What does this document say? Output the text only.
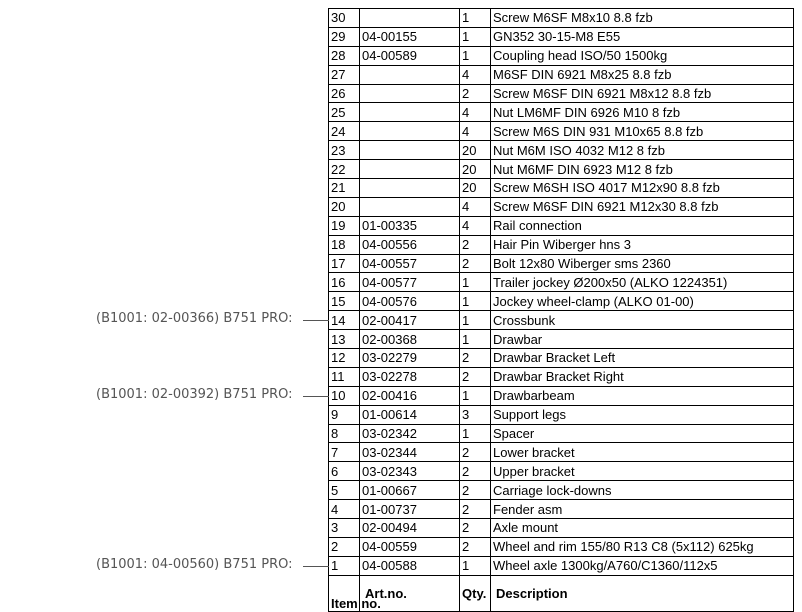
30		1	Screw M6SF M8x10 8.8 fzb
29	04-00155	1	GN352 30-15-M8 E55
28	04-00589	1	Coupling head ISO/50 1500kg
27		4	M6SF DIN 6921 M8x25 8.8 fzb
26		2	Screw M6SF DIN 6921 M8x12 8.8 fzb
25		4	Nut LM6MF DIN 6926 M10 8 fzb
24		4	Screw M6S DIN 931 M10x65 8.8 fzb
23		20	Nut M6M ISO 4032 M12 8 fzb
22		20	Nut M6MF DIN 6923 M12 8 fzb
21		20	Screw M6SH ISO 4017 M12x90 8.8 fzb
20		4	Screw M6SF DIN 6921 M12x30 8.8 fzb
19	01-00335	4	Rail connection
18	04-00556	2	Hair Pin Wiberger hns 3
17	04-00557	2	Bolt 12x80 Wiberger sms 2360
16	04-00577	1	Trailer jockey Ø200x50 (ALKO 1224351)
15	04-00576	1	Jockey wheel-clamp (ALKO 01-00)
14	02-00417	1	Crossbunk
13	02-00368	1	Drawbar
12	03-02279	2	Drawbar Bracket Left
11	03-02278	2	Drawbar Bracket Right
10	02-00416	1	Drawbarbeam
9	01-00614	3	Support legs
8	03-02342	1	Spacer
7	03-02344	2	Lower bracket
6	03-02343	2	Upper bracket
5	01-00667	2	Carriage lock-downs
4	01-00737	2	Fender asm
3	02-00494	2	Axle mount
2	04-00559	2	Wheel and rim 155/80 R13 C8 (5x112) 625kg
1	04-00588	1	Wheel axle 1300kg/A760/C1360/112x5
Item no.	Art.no.	Qty.	Description
(B1001: 02-00366) B751 PRO:
(B1001: 02-00392) B751 PRO:
(B1001: 04-00560) B751 PRO:
